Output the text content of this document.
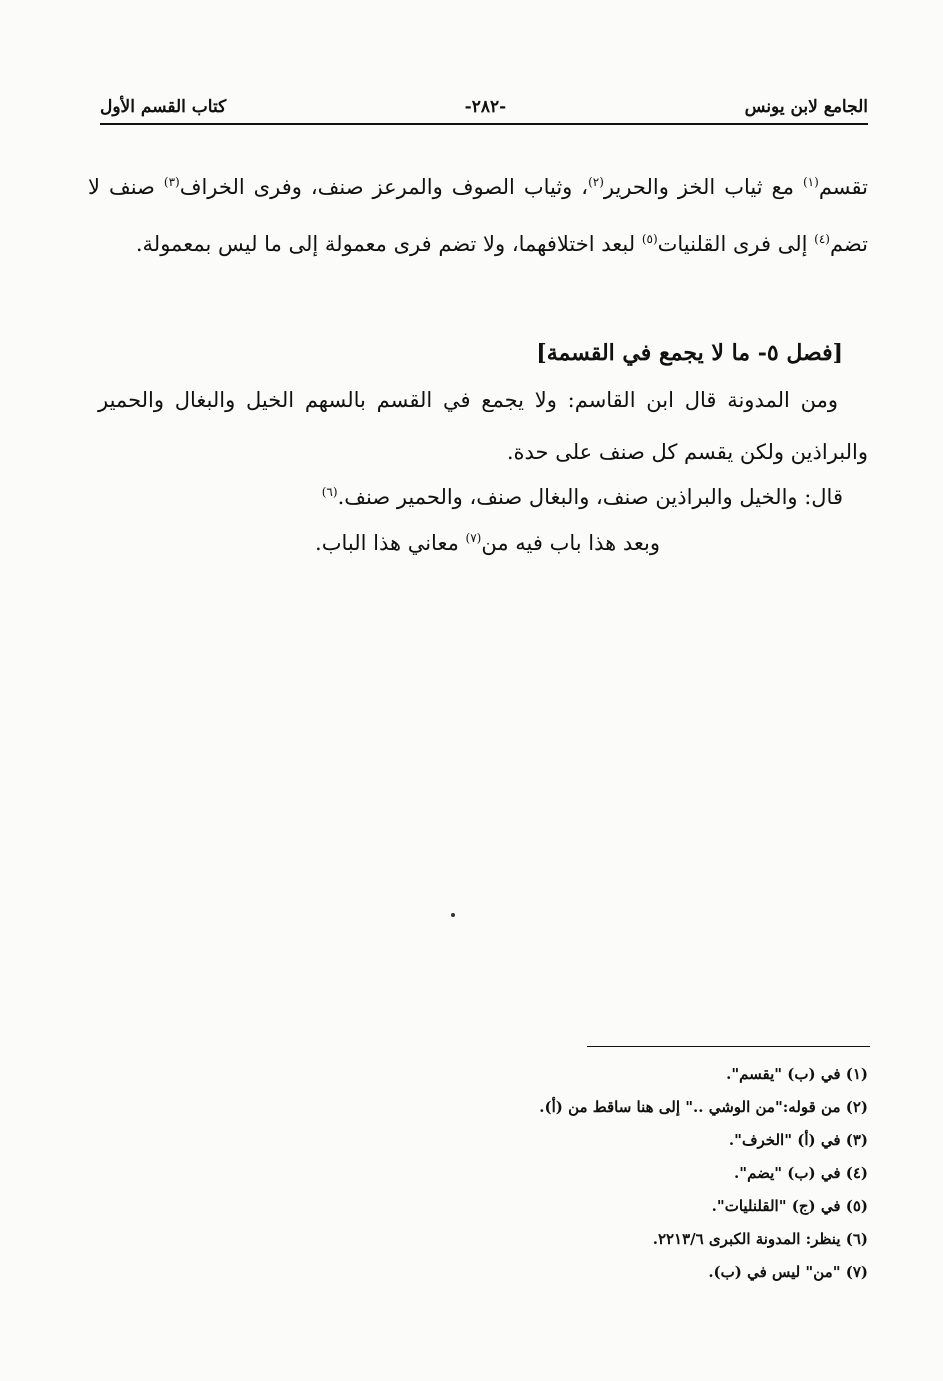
الجامع لابن يونس
-٢٨٢-
كتاب القسم الأول
تقسم$^{(١)}$ مع ثياب الخز والحرير$^{(٢)}$، وثياب الصوف والمرعز صنف، وفرى الخراف$^{(٣)}$ صنف لا تضم$^{(٤)}$ إلى فرى القلنيات$^{(٥)}$ لبعد اختلافهما، ولا تضم فرى معمولة إلى ما ليس بمعمولة.
[فصل ٥- ما لا يجمع في القسمة]
ومن المدونة قال ابن القاسم: ولا يجمع في القسم بالسهم الخيل والبغال والحمير والبراذين ولكن يقسم كل صنف على حدة.
قال: والخيل والبراذين صنف، والبغال صنف، والحمير صنف.$^{(٦)}$
وبعد هذا باب فيه من$^{(٧)}$ معاني هذا الباب.
(١) في (ب) "يقسم".
(٢) من قوله:"من الوشي .." إلى هنا ساقط من (أ).
(٣) في (أ) "الخرف".
(٤) في (ب) "يضم".
(٥) في (ج) "القلنليات".
(٦) ينظر: المدونة الكبرى ٢٢١٣/٦.
(٧) "من" ليس في (ب).
